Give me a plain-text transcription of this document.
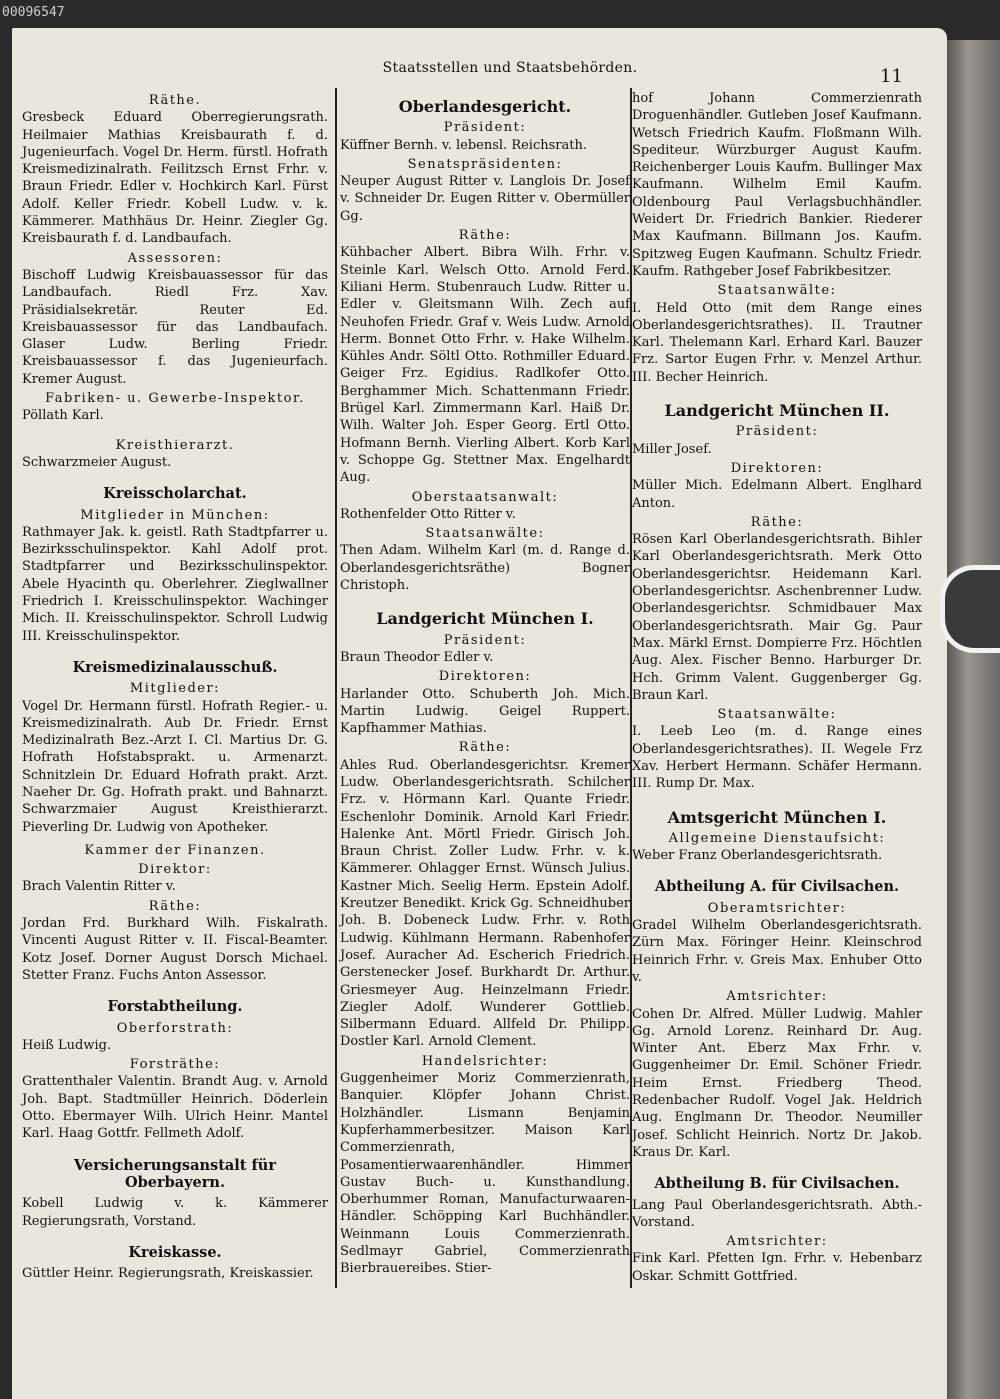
00096547
Staatsstellen und Staatsbehörden.	11
Räthe.

Gresbeck Eduard Oberregierungsrath. Heilmaier Mathias Kreisbaurath f. d. Jugenieurfach. Vogel Dr. Herm. fürstl. Hofrath Kreismedizinalrath. Feilitzsch Ernst Frhr. v. Braun Friedr. Edler v. Hochkirch Karl. Fürst Adolf. Keller Friedr. Kobell Ludw. v. k. Kämmerer. Mathhäus Dr. Heinr. Ziegler Gg. Kreisbaurath f. d. Landbaufach.

Assessoren:

Bischoff Ludwig Kreisbauassessor für das Landbaufach. Riedl Frz. Xav. Präsidialsekretär. Reuter Ed. Kreisbauassessor für das Landbaufach. Glaser Ludw. Berling Friedr. Kreisbauassessor f. das Jugenieurfach. Kremer August.

Fabriken- u. Gewerbe-Inspektor.

Pöllath Karl.

Kreisthierarzt.

Schwarzmeier August.

Kreisscholarchat.
Mitglieder in München:

Rathmayer Jak. k. geistl. Rath Stadtpfarrer u. Bezirksschulinspektor. Kahl Adolf prot. Stadtpfarrer und Bezirksschulinspektor. Abele Hyacinth qu. Oberlehrer. Zieglwallner Friedrich I. Kreisschulinspektor. Wachinger Mich. II. Kreisschulinspektor. Schroll Ludwig III. Kreisschulinspektor.

Kreismedizinalausschuß.
Mitglieder:

Vogel Dr. Hermann fürstl. Hofrath Regier.- u. Kreismedizinalrath. Aub Dr. Friedr. Ernst Medizinalrath Bez.-Arzt I. Cl. Martius Dr. G. Hofrath Hofstabsprakt. u. Armenarzt. Schnitzlein Dr. Eduard Hofrath prakt. Arzt. Naeher Dr. Gg. Hofrath prakt. und Bahnarzt. Schwarzmaier August Kreisthierarzt. Pieverling Dr. Ludwig von Apotheker.

Kammer der Finanzen.
Direktor:

Brach Valentin Ritter v.

Räthe:

Jordan Frd. Burkhard Wilh. Fiskalrath. Vincenti August Ritter v. II. Fiscal-Beamter. Kotz Josef. Dorner August Dorsch Michael. Stetter Franz. Fuchs Anton Assessor.

Forstabtheilung.
Oberforstrath:

Heiß Ludwig.

Forsträthe:

Grattenthaler Valentin. Brandt Aug. v. Arnold Joh. Bapt. Stadtmüller Heinrich. Döderlein Otto. Ebermayer Wilh. Ulrich Heinr. Mantel Karl. Haag Gottfr. Fellmeth Adolf.

Versicherungsanstalt für Oberbayern.

Kobell Ludwig v. k. Kämmerer Regierungsrath, Vorstand.

Kreiskasse.

Güttler Heinr. Regierungsrath, Kreiskassier.

Oberlandesgericht.
Präsident:

Küffner Bernh. v. lebensl. Reichsrath.

Senatspräsidenten:

Neuper August Ritter v. Langlois Dr. Josef v. Schneider Dr. Eugen Ritter v. Obermüller Gg.

Räthe:

Kühbacher Albert. Bibra Wilh. Frhr. v. Steinle Karl. Welsch Otto. Arnold Ferd. Kiliani Herm. Stubenrauch Ludw. Ritter u. Edler v. Gleitsmann Wilh. Zech auf Neuhofen Friedr. Graf v. Weis Ludw. Arnold Herm. Bonnet Otto Frhr. v. Hake Wilhelm. Kühles Andr. Söltl Otto. Rothmiller Eduard. Geiger Frz. Egidius. Radlkofer Otto. Berghammer Mich. Schattenmann Friedr. Brügel Karl. Zimmermann Karl. Haiß Dr. Wilh. Walter Joh. Esper Georg. Ertl Otto. Hofmann Bernh. Vierling Albert. Korb Karl v. Schoppe Gg. Stettner Max. Engelhardt Aug.

Oberstaatsanwalt:

Rothenfelder Otto Ritter v.

Staatsanwälte:

Then Adam. Wilhelm Karl (m. d. Range d. Oberlandesgerichtsräthe) Bogner Christoph.

Landgericht München I.
Präsident:

Braun Theodor Edler v.

Direktoren:

Harlander Otto. Schuberth Joh. Mich. Martin Ludwig. Geigel Ruppert. Kapfhammer Mathias.

Räthe:

Ahles Rud. Oberlandesgerichtsr. Kremer Ludw. Oberlandesgerichtsrath. Schilcher Frz. v. Hörmann Karl. Quante Friedr. Eschenlohr Dominik. Arnold Karl Friedr. Halenke Ant. Mörtl Friedr. Girisch Joh. Braun Christ. Zoller Ludw. Frhr. v. k. Kämmerer. Ohlagger Ernst. Wünsch Julius. Kastner Mich. Seelig Herm. Epstein Adolf. Kreutzer Benedikt. Krick Gg. Schneidhuber Joh. B. Dobeneck Ludw. Frhr. v. Roth Ludwig. Kühlmann Hermann. Rabenhofer Josef. Auracher Ad. Escherich Friedrich. Gerstenecker Josef. Burkhardt Dr. Arthur. Griesmeyer Aug. Heinzelmann Friedr. Ziegler Adolf. Wunderer Gottlieb. Silbermann Eduard. Allfeld Dr. Philipp. Dostler Karl. Arnold Clement.

Handelsrichter:

Guggenheimer Moriz Commerzienrath, Banquier. Klöpfer Johann Christ. Holzhändler. Lismann Benjamin Kupferhammerbesitzer. Maison Karl Commerzienrath, Posamentierwaarenhändler. Himmer Gustav Buch- u. Kunsthandlung. Oberhummer Roman, Manufacturwaaren-Händler. Schöpping Karl Buchhändler. Weinmann Louis Commerzienrath. Sedlmayr Gabriel, Commerzienrath Bierbrauereibes. Stier-

hof Johann Commerzienrath Droguenhändler. Gutleben Josef Kaufmann. Wetsch Friedrich Kaufm. Floßmann Wilh. Spediteur. Würzburger August Kaufm. Reichenberger Louis Kaufm. Bullinger Max Kaufmann. Wilhelm Emil Kaufm. Oldenbourg Paul Verlagsbuchhändler. Weidert Dr. Friedrich Bankier. Riederer Max Kaufmann. Billmann Jos. Kaufm. Spitzweg Eugen Kaufmann. Schultz Friedr. Kaufm. Rathgeber Josef Fabrikbesitzer.

Staatsanwälte:

I. Held Otto (mit dem Range eines Oberlandesgerichtsrathes). II. Trautner Karl. Thelemann Karl. Erhard Karl. Bauzer Frz. Sartor Eugen Frhr. v. Menzel Arthur. III. Becher Heinrich.

Landgericht München II.
Präsident:

Miller Josef.

Direktoren:

Müller Mich. Edelmann Albert. Englhard Anton.

Räthe:

Rösen Karl Oberlandesgerichtsrath. Bihler Karl Oberlandesgerichtsrath. Merk Otto Oberlandesgerichtsr. Heidemann Karl. Oberlandesgerichtsr. Aschenbrenner Ludw. Oberlandesgerichtsr. Schmidbauer Max Oberlandesgerichtsrath. Mair Gg. Paur Max. Märkl Ernst. Dompierre Frz. Höchtlen Aug. Alex. Fischer Benno. Harburger Dr. Hch. Grimm Valent. Guggenberger Gg. Braun Karl.

Staatsanwälte:

I. Leeb Leo (m. d. Range eines Oberlandesgerichtsrathes). II. Wegele Frz Xav. Herbert Hermann. Schäfer Hermann. III. Rump Dr. Max.

Amtsgericht München I.
Allgemeine Dienstaufsicht:

Weber Franz Oberlandesgerichtsrath.

Abtheilung A. für Civilsachen.
Oberamtsrichter:

Gradel Wilhelm Oberlandesgerichtsrath. Zürn Max. Föringer Heinr. Kleinschrod Heinrich Frhr. v. Greis Max. Enhuber Otto v.

Amtsrichter:

Cohen Dr. Alfred. Müller Ludwig. Mahler Gg. Arnold Lorenz. Reinhard Dr. Aug. Winter Ant. Eberz Max Frhr. v. Guggenheimer Dr. Emil. Schöner Friedr. Heim Ernst. Friedberg Theod. Redenbacher Rudolf. Vogel Jak. Heldrich Aug. Englmann Dr. Theodor. Neumiller Josef. Schlicht Heinrich. Nortz Dr. Jakob. Kraus Dr. Karl.

Abtheilung B. für Civilsachen.

Lang Paul Oberlandesgerichtsrath. Abth.-Vorstand.

Amtsrichter:

Fink Karl. Pfetten Ign. Frhr. v. Hebenbarz Oskar. Schmitt Gottfried.
